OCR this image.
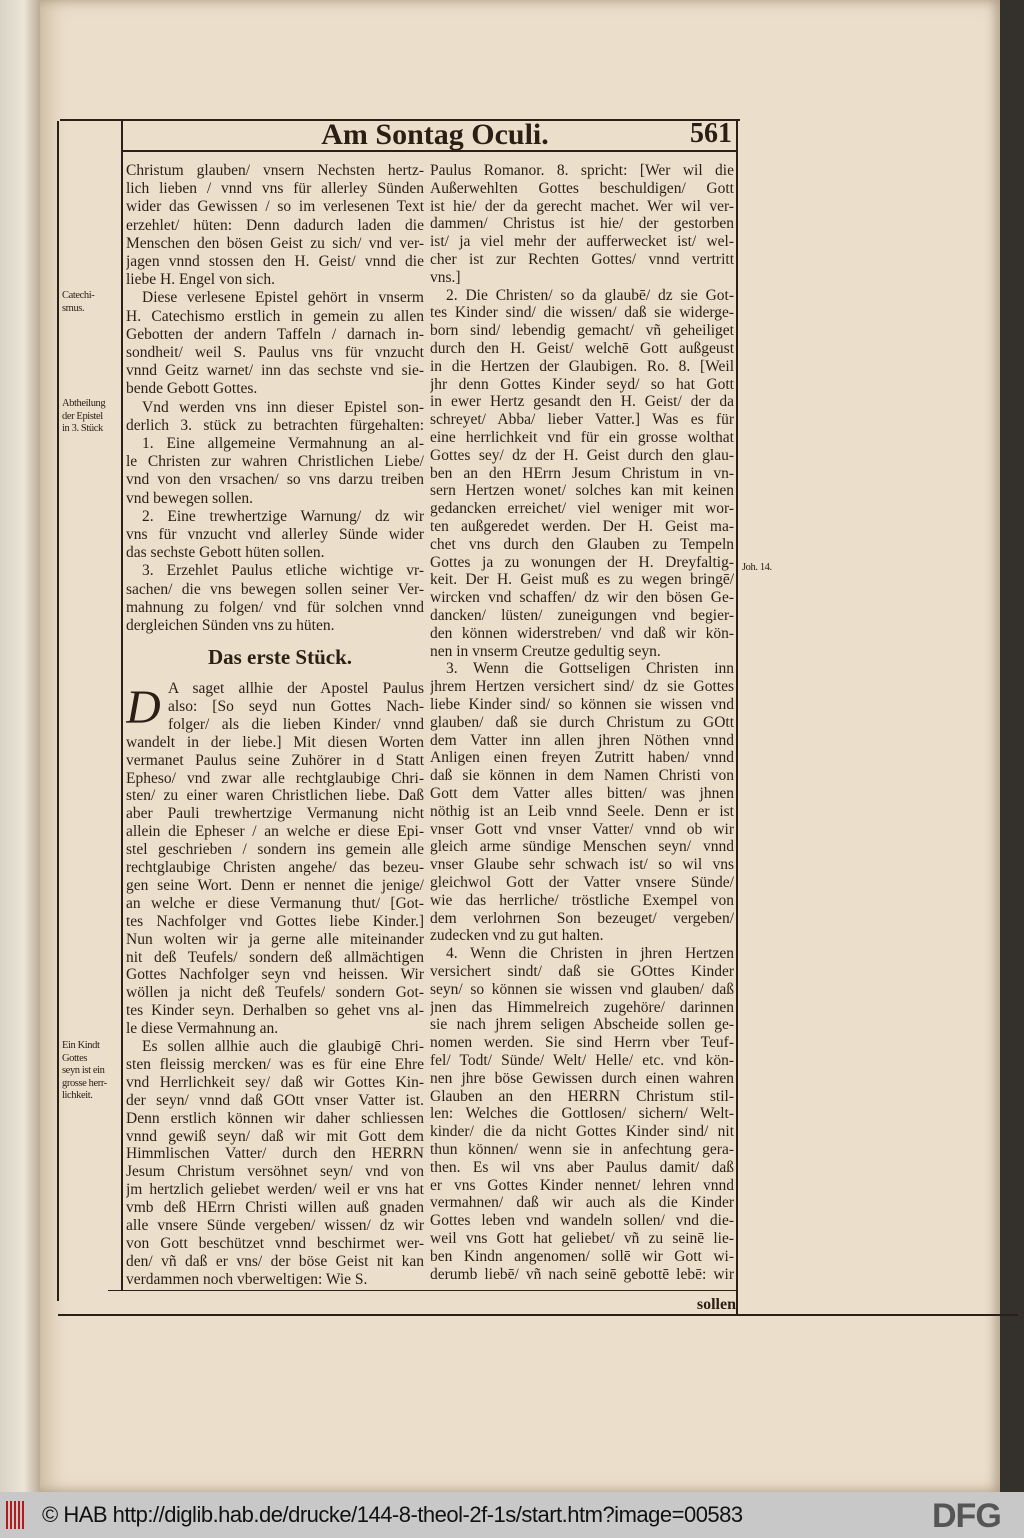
Am Sontag Oculi.	561
Das erste Stück.
D
sollen
Christum glauben/ vnsern Nechsten hertz-
lich lieben / vnnd vns für allerley Sünden
wider das Gewissen / so im verlesenen Text
erzehlet/ hüten: Denn dadurch laden die
Menschen den bösen Geist zu sich/ vnd ver-
jagen vnnd stossen den H. Geist/ vnnd die
liebe H. Engel von sich.
Diese verlesene Epistel gehört in vnserm
H. Catechismo erstlich in gemein zu allen
Gebotten der andern Taffeln / darnach in-
sondheit/ weil S. Paulus vns für vnzucht
vnnd Geitz warnet/ inn das sechste vnd sie-
bende Gebott Gottes.
Vnd werden vns inn dieser Epistel son-
derlich 3. stück zu betrachten fürgehalten:
1. Eine allgemeine Vermahnung an al-
le Christen zur wahren Christlichen Liebe/
vnd von den vrsachen/ so vns darzu treiben
vnd bewegen sollen.
2. Eine trewhertzige Warnung/ dz wir
vns für vnzucht vnd allerley Sünde wider
das sechste Gebott hüten sollen.
3. Erzehlet Paulus etliche wichtige vr-
sachen/ die vns bewegen sollen seiner Ver-
mahnung zu folgen/ vnd für solchen vnnd
dergleichen Sünden vns zu hüten.
A saget allhie der Apostel Paulus
also: [So seyd nun Gottes Nach-
folger/ als die lieben Kinder/ vnnd
wandelt in der liebe.] Mit diesen Worten
vermanet Paulus seine Zuhörer in d Statt
Epheso/ vnd zwar alle rechtglaubige Chri-
sten/ zu einer waren Christlichen liebe. Daß
aber Pauli trewhertzige Vermanung nicht
allein die Epheser / an welche er diese Epi-
stel geschrieben / sondern ins gemein alle
rechtglaubige Christen angehe/ das bezeu-
gen seine Wort. Denn er nennet die jenige/
an welche er diese Vermanung thut/ [Got-
tes Nachfolger vnd Gottes liebe Kinder.]
Nun wolten wir ja gerne alle miteinander
nit deß Teufels/ sondern deß allmächtigen
Gottes Nachfolger seyn vnd heissen. Wir
wöllen ja nicht deß Teufels/ sondern Got-
tes Kinder seyn. Derhalben so gehet vns al-
le diese Vermahnung an.
Es sollen allhie auch die glaubigē Chri-
sten fleissig mercken/ was es für eine Ehre
vnd Herrlichkeit sey/ daß wir Gottes Kin-
der seyn/ vnnd daß GOtt vnser Vatter ist.
Denn erstlich können wir daher schliessen
vnnd gewiß seyn/ daß wir mit Gott dem
Himmlischen Vatter/ durch den HERRN
Jesum Christum versöhnet seyn/ vnd von
jm hertzlich geliebet werden/ weil er vns hat
vmb deß HErrn Christi willen auß gnaden
alle vnsere Sünde vergeben/ wissen/ dz wir
von Gott beschützet vnnd beschirmet wer-
den/ vñ daß er vns/ der böse Geist nit kan
verdammen noch vberweltigen: Wie S.
Paulus Romanor. 8. spricht: [Wer wil die
Außerwehlten Gottes beschuldigen/ Gott
ist hie/ der da gerecht machet. Wer wil ver-
dammen/ Christus ist hie/ der gestorben
ist/ ja viel mehr der aufferwecket ist/ wel-
cher ist zur Rechten Gottes/ vnnd vertritt
vns.]
2. Die Christen/ so da glaubē/ dz sie Got-
tes Kinder sind/ die wissen/ daß sie widerge-
born sind/ lebendig gemacht/ vñ geheiliget
durch den H. Geist/ welchē Gott außgeust
in die Hertzen der Glaubigen. Ro. 8. [Weil
jhr denn Gottes Kinder seyd/ so hat Gott
in ewer Hertz gesandt den H. Geist/ der da
schreyet/ Abba/ lieber Vatter.] Was es für
eine herrlichkeit vnd für ein grosse wolthat
Gottes sey/ dz der H. Geist durch den glau-
ben an den HErrn Jesum Christum in vn-
sern Hertzen wonet/ solches kan mit keinen
gedancken erreichet/ viel weniger mit wor-
ten außgeredet werden. Der H. Geist ma-
chet vns durch den Glauben zu Tempeln
Gottes ja zu wonungen der H. Dreyfaltig-
keit. Der H. Geist muß es zu wegen bringē/
wircken vnd schaffen/ dz wir den bösen Ge-
dancken/ lüsten/ zuneigungen vnd begier-
den können widerstreben/ vnd daß wir kön-
nen in vnserm Creutze gedultig seyn.
3. Wenn die Gottseligen Christen inn
jhrem Hertzen versichert sind/ dz sie Gottes
liebe Kinder sind/ so können sie wissen vnd
glauben/ daß sie durch Christum zu GOtt
dem Vatter inn allen jhren Nöthen vnnd
Anligen einen freyen Zutritt haben/ vnnd
daß sie können in dem Namen Christi von
Gott dem Vatter alles bitten/ was jhnen
nöthig ist an Leib vnnd Seele. Denn er ist
vnser Gott vnd vnser Vatter/ vnnd ob wir
gleich arme sündige Menschen seyn/ vnnd
vnser Glaube sehr schwach ist/ so wil vns
gleichwol Gott der Vatter vnsere Sünde/
wie das herrliche/ tröstliche Exempel von
dem verlohrnen Son bezeuget/ vergeben/
zudecken vnd zu gut halten.
4. Wenn die Christen in jhren Hertzen
versichert sindt/ daß sie GOttes Kinder
seyn/ so können sie wissen vnd glauben/ daß
jnen das Himmelreich zugehöre/ darinnen
sie nach jhrem seligen Abscheide sollen ge-
nomen werden. Sie sind Herrn vber Teuf-
fel/ Todt/ Sünde/ Welt/ Helle/ etc. vnd kön-
nen jhre böse Gewissen durch einen wahren
Glauben an den HERRN Christum stil-
len: Welches die Gottlosen/ sichern/ Welt-
kinder/ die da nicht Gottes Kinder sind/ nit
thun können/ wenn sie in anfechtung gera-
then. Es wil vns aber Paulus damit/ daß
er vns Gottes Kinder nennet/ lehren vnnd
vermahnen/ daß wir auch als die Kinder
Gottes leben vnd wandeln sollen/ vnd die-
weil vns Gott hat geliebet/ vñ zu seinē lie-
ben Kindn angenomen/ sollē wir Gott wi-
derumb liebē/ vñ nach seinē gebottē lebē: wir
Catechi-
smus.
Abtheilung
der Epistel
in 3. Stück
Ein Kindt
Gottes
seyn ist ein
grosse herr-
lichkeit.
Joh. 14.
© HAB http://diglib.hab.de/drucke/144-8-theol-2f-1s/start.htm?image=00583	DFG
